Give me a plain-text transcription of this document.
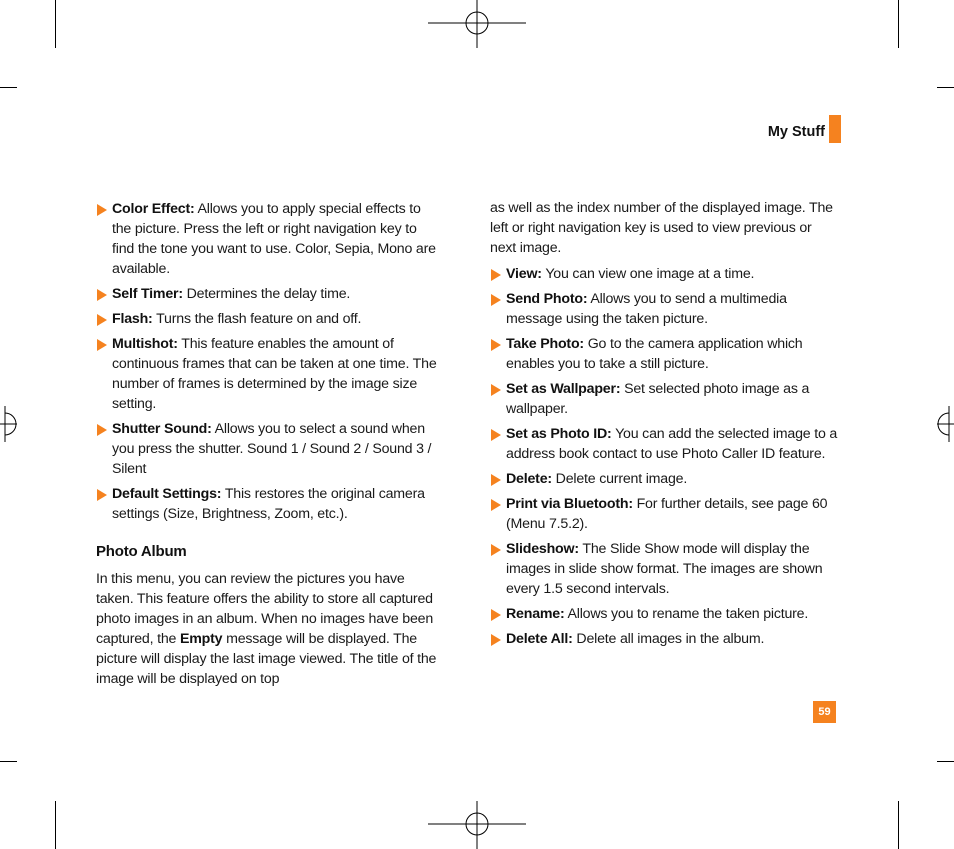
My Stuff
Color Effect: Allows you to apply special effects to the picture. Press the left or right navigation key to find the tone you want to use. Color, Sepia, Mono are available.
Self Timer: Determines the delay time.
Flash: Turns the flash feature on and off.
Multishot: This feature enables the amount of continuous frames that can be taken at one time. The number of frames is determined by the image size setting.
Shutter Sound: Allows you to select a sound when you press the shutter. Sound 1 / Sound 2 / Sound 3 / Silent
Default Settings: This restores the original camera settings (Size, Brightness, Zoom, etc.).
Photo Album

In this menu, you can review the pictures you have taken. This feature offers the ability to store all captured photo images in an album. When no images have been captured, the Empty message will be displayed. The picture will display the last image viewed. The title of the image will be displayed on top

as well as the index number of the displayed image. The left or right navigation key is used to view previous or next image.

View: You can view one image at a time.
Send Photo: Allows you to send a multimedia message using the taken picture.
Take Photo: Go to the camera application which enables you to take a still picture.
Set as Wallpaper: Set selected photo image as a wallpaper.
Set as Photo ID: You can add the selected image to a address book contact to use Photo Caller ID feature.
Delete: Delete current image.
Print via Bluetooth: For further details, see page 60 (Menu 7.5.2).
Slideshow: The Slide Show mode will display the images in slide show format. The images are shown every 1.5 second intervals.
Rename: Allows you to rename the taken picture.
Delete All: Delete all images in the album.
59
